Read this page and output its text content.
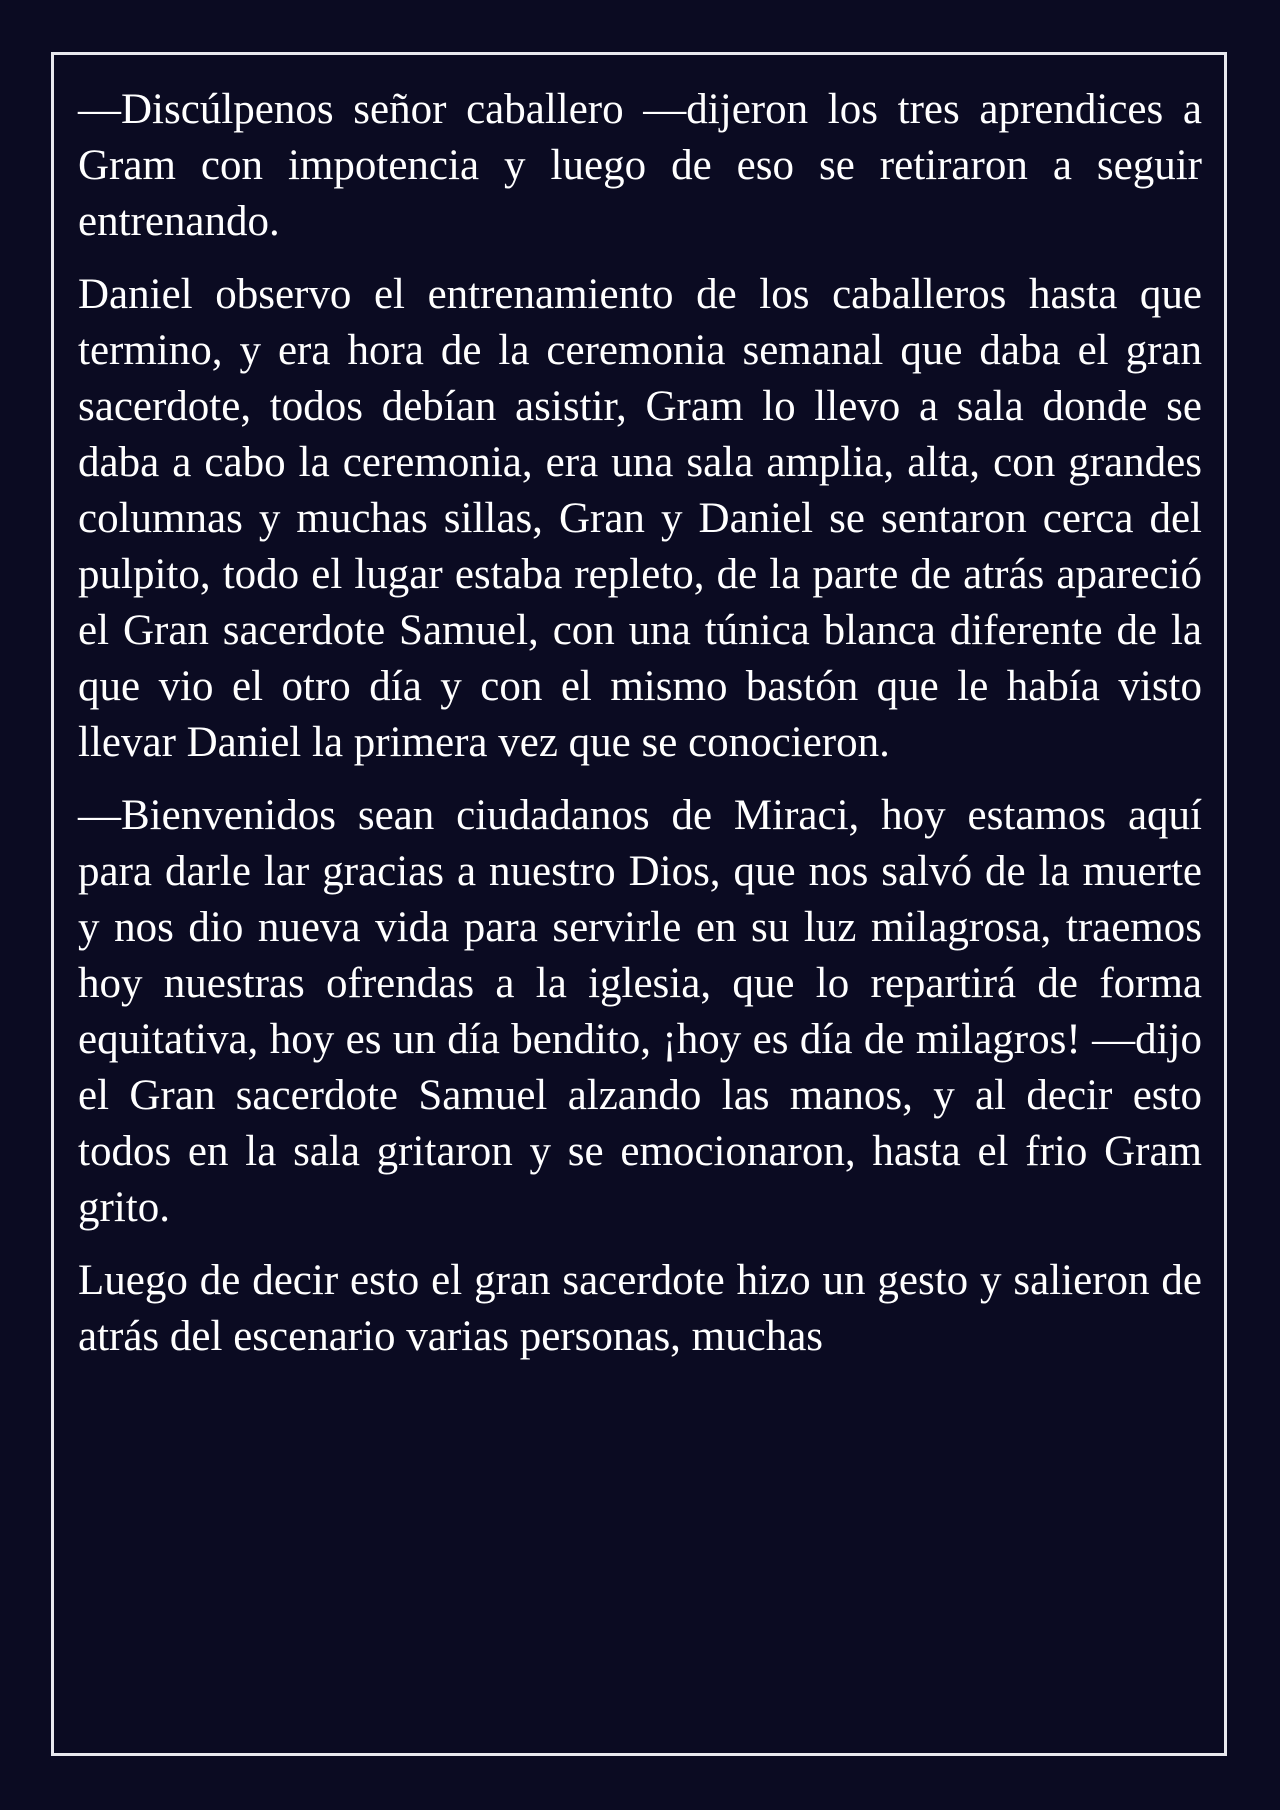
—Discúlpenos señor caballero —dijeron los tres aprendices a Gram con impotencia y luego de eso se retiraron a seguir entrenando.

Daniel observo el entrenamiento de los caballeros hasta que termino, y era hora de la ceremonia semanal que daba el gran sacerdote, todos debían asistir, Gram lo llevo a sala donde se daba a cabo la ceremonia, era una sala amplia, alta, con grandes columnas y muchas sillas, Gran y Daniel se sentaron cerca del pulpito, todo el lugar estaba repleto, de la parte de atrás apareció el Gran sacerdote Samuel, con una túnica blanca diferente de la que vio el otro día y con el mismo bastón que le había visto llevar Daniel la primera vez que se conocieron.

—Bienvenidos sean ciudadanos de Miraci, hoy estamos aquí para darle lar gracias a nuestro Dios, que nos salvó de la muerte y nos dio nueva vida para servirle en su luz milagrosa, traemos hoy nuestras ofrendas a la iglesia, que lo repartirá de forma equitativa, hoy es un día bendito, ¡hoy es día de milagros! —dijo el Gran sacerdote Samuel alzando las manos, y al decir esto todos en la sala gritaron y se emocionaron, hasta el frio Gram grito.

Luego de decir esto el gran sacerdote hizo un gesto y salieron de atrás del escenario varias personas, muchas
